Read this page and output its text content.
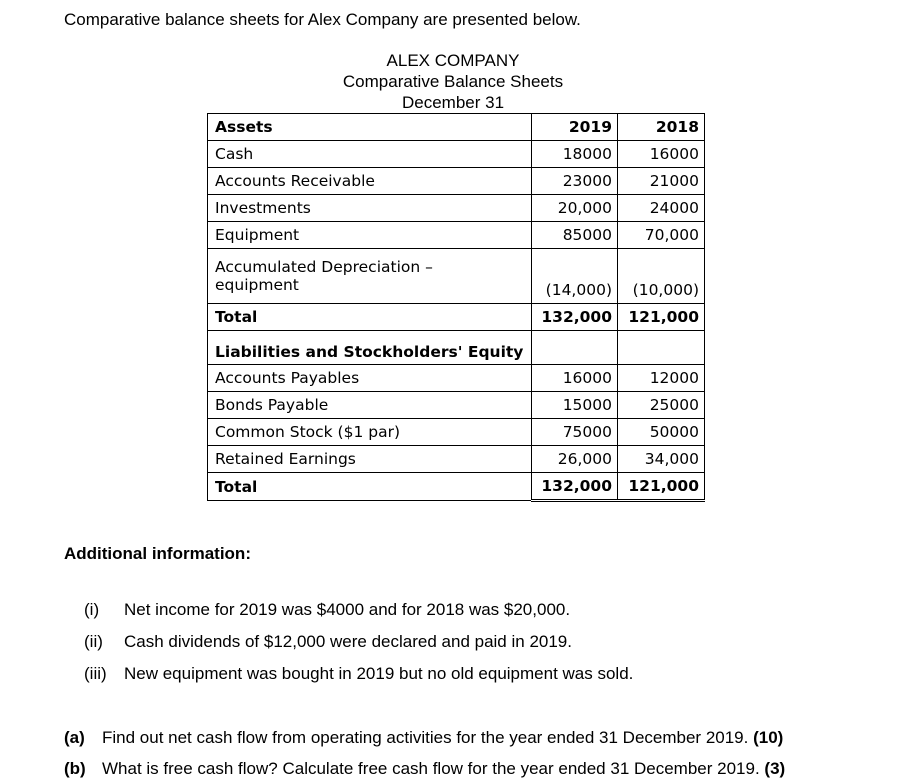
Comparative balance sheets for Alex Company are presented below.
ALEX COMPANY
Comparative Balance Sheets
December 31
Assets	2019	2018
Cash	18000	16000
Accounts Receivable	23000	21000
Investments	20,000	24000
Equipment	85000	70,000

Accumulated Depreciation –
equipment	(14,000)	(10,000)
Total	132,000	121,000
Liabilities and Stockholders' Equity		
Accounts Payables	16000	12000
Bonds Payable	15000	25000
Common Stock ($1 par)	75000	50000
Retained Earnings	26,000	34,000
Total	132,000	121,000
Additional information:
(i) Net income for 2019 was $4000 and for 2018 was $20,000.
(ii) Cash dividends of $12,000 were declared and paid in 2019.
(iii) New equipment was bought in 2019 but no old equipment was sold.
(a) Find out net cash flow from operating activities for the year ended 31 December 2019. (10)
(b) What is free cash flow? Calculate free cash flow for the year ended 31 December 2019. (3)
